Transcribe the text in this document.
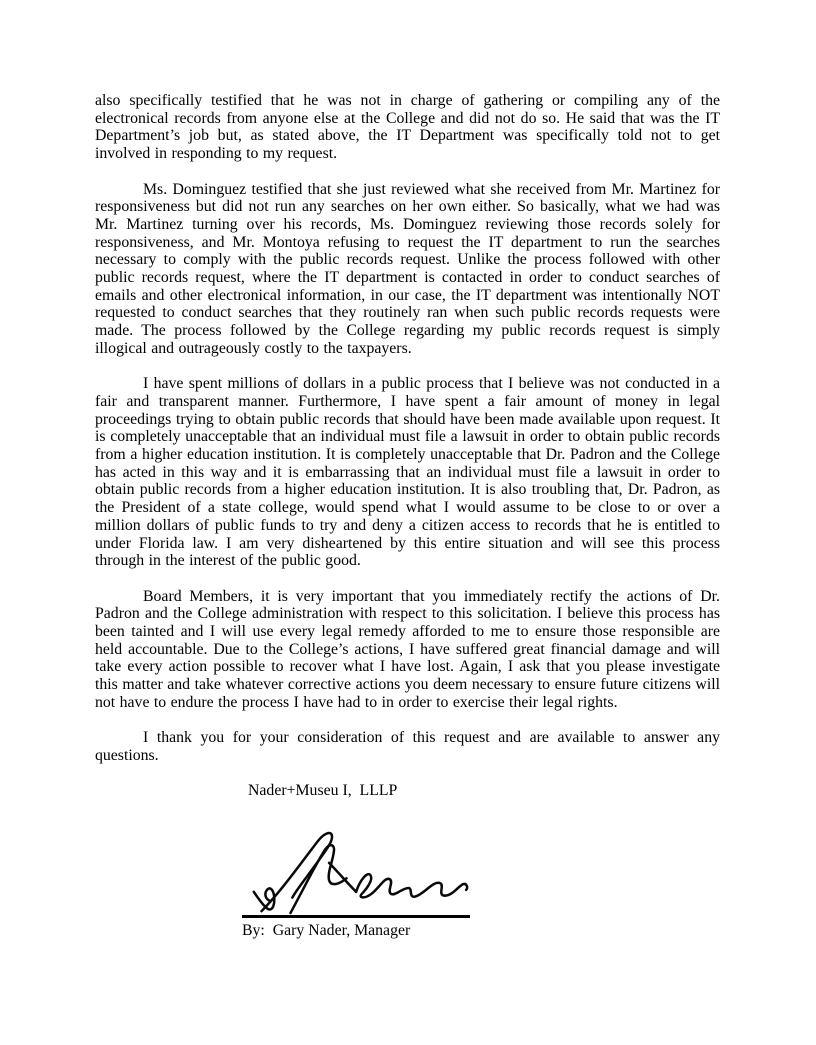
also specifically testified that he was not in charge of gathering or compiling any of the electronical records from anyone else at the College and did not do so. He said that was the IT Department’s job but, as stated above, the IT Department was specifically told not to get involved in responding to my request.

Ms. Dominguez testified that she just reviewed what she received from Mr. Martinez for responsiveness but did not run any searches on her own either. So basically, what we had was Mr. Martinez turning over his records, Ms. Dominguez reviewing those records solely for responsiveness, and Mr. Montoya refusing to request the IT department to run the searches necessary to comply with the public records request. Unlike the process followed with other public records request, where the IT department is contacted in order to conduct searches of emails and other electronical information, in our case, the IT department was intentionally NOT requested to conduct searches that they routinely ran when such public records requests were made. The process followed by the College regarding my public records request is simply illogical and outrageously costly to the taxpayers.

I have spent millions of dollars in a public process that I believe was not conducted in a fair and transparent manner. Furthermore, I have spent a fair amount of money in legal proceedings trying to obtain public records that should have been made available upon request. It is completely unacceptable that an individual must file a lawsuit in order to obtain public records from a higher education institution. It is completely unacceptable that Dr. Padron and the College has acted in this way and it is embarrassing that an individual must file a lawsuit in order to obtain public records from a higher education institution. It is also troubling that, Dr. Padron, as the President of a state college, would spend what I would assume to be close to or over a million dollars of public funds to try and deny a citizen access to records that he is entitled to under Florida law. I am very disheartened by this entire situation and will see this process through in the interest of the public good.

Board Members, it is very important that you immediately rectify the actions of Dr. Padron and the College administration with respect to this solicitation. I believe this process has been tainted and I will use every legal remedy afforded to me to ensure those responsible are held accountable. Due to the College’s actions, I have suffered great financial damage and will take every action possible to recover what I have lost. Again, I ask that you please investigate this matter and take whatever corrective actions you deem necessary to ensure future citizens will not have to endure the process I have had to in order to exercise their legal rights.

I thank you for your consideration of this request and are available to answer any questions.

Nader+Museu I,  LLLP
By:  Gary Nader, Manager
